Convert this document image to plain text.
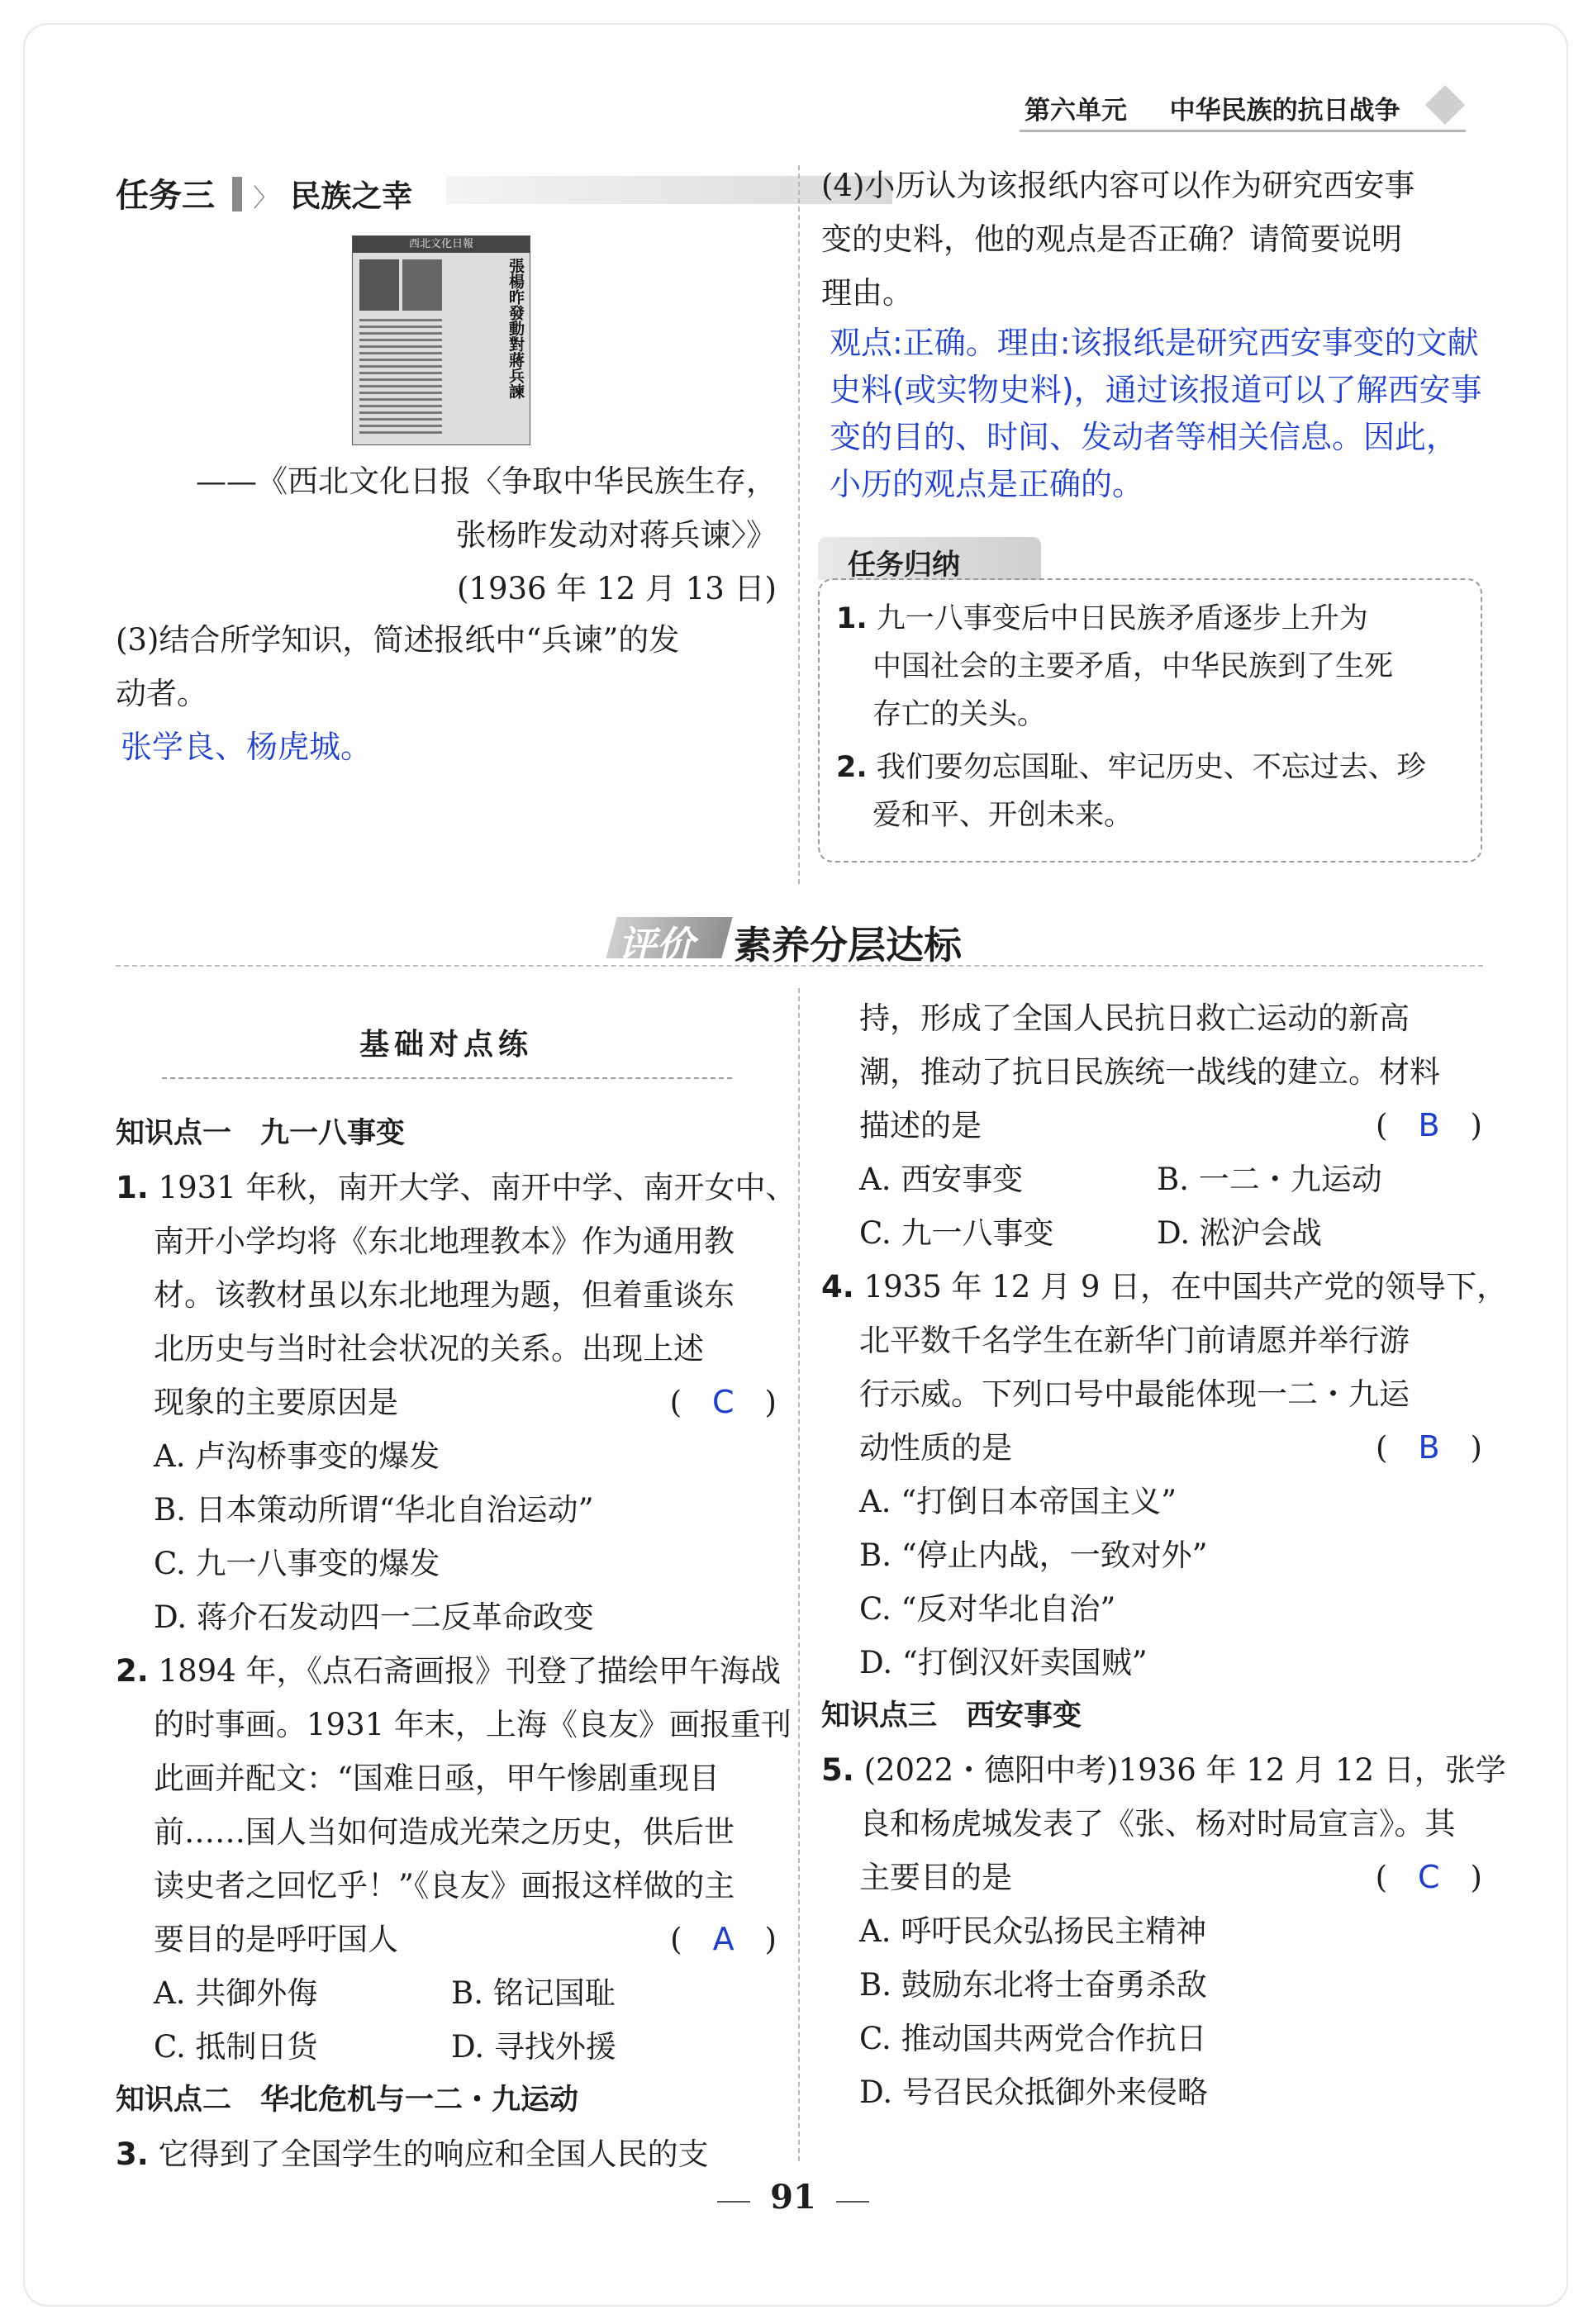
第六单元 中华民族的抗日战争
任务三 〉 民族之幸
西北文化日報
張楊昨發動對蔣兵諫
——《西北文化日报〈争取中华民族生存，
张杨昨发动对蒋兵谏〉》
(1936 年 12 月 13 日)
(3)结合所学知识，简述报纸中“兵谏”的发
动者。
张学良、杨虎城。
(4)小历认为该报纸内容可以作为研究西安事
变的史料，他的观点是否正确？请简要说明
理由。
观点:正确。理由:该报纸是研究西安事变的文献
史料(或实物史料)，通过该报道可以了解西安事
变的目的、时间、发动者等相关信息。因此，
小历的观点是正确的。
任务归纳
1. 九一八事变后中日民族矛盾逐步上升为
中国社会的主要矛盾，中华民族到了生死
存亡的关头。
2. 我们要勿忘国耻、牢记历史、不忘过去、珍
爱和平、开创未来。
评价 素养分层达标
基础对点练
知识点一　九一八事变
1. 1931 年秋，南开大学、南开中学、南开女中、
南开小学均将《东北地理教本》作为通用教
材。该教材虽以东北地理为题，但着重谈东
北历史与当时社会状况的关系。出现上述
现象的主要原因是	(　C　)
A. 卢沟桥事变的爆发
B. 日本策动所谓“华北自治运动”
C. 九一八事变的爆发
D. 蒋介石发动四一二反革命政变
2. 1894 年，《点石斋画报》刊登了描绘甲午海战
的时事画。1931 年末，上海《良友》画报重刊
此画并配文：“国难日亟，甲午惨剧重现目
前……国人当如何造成光荣之历史，供后世
读史者之回忆乎！”《良友》画报这样做的主
要目的是呼吁国人	(　A　)
A. 共御外侮	B. 铭记国耻
C. 抵制日货	D. 寻找外援
知识点二　华北危机与一二・九运动
3. 它得到了全国学生的响应和全国人民的支
持，形成了全国人民抗日救亡运动的新高
潮，推动了抗日民族统一战线的建立。材料
描述的是	(　B　)
A. 西安事变	B. 一二・九运动
C. 九一八事变	D. 淞沪会战
4. 1935 年 12 月 9 日，在中国共产党的领导下，
北平数千名学生在新华门前请愿并举行游
行示威。下列口号中最能体现一二・九运
动性质的是	(　B　)
A. “打倒日本帝国主义”
B. “停止内战，一致对外”
C. “反对华北自治”
D. “打倒汉奸卖国贼”
知识点三　西安事变
5. (2022・德阳中考)1936 年 12 月 12 日，张学
良和杨虎城发表了《张、杨对时局宣言》。其
主要目的是	(　C　)
A. 呼吁民众弘扬民主精神
B. 鼓励东北将士奋勇杀敌
C. 推动国共两党合作抗日
D. 号召民众抵御外来侵略
91
